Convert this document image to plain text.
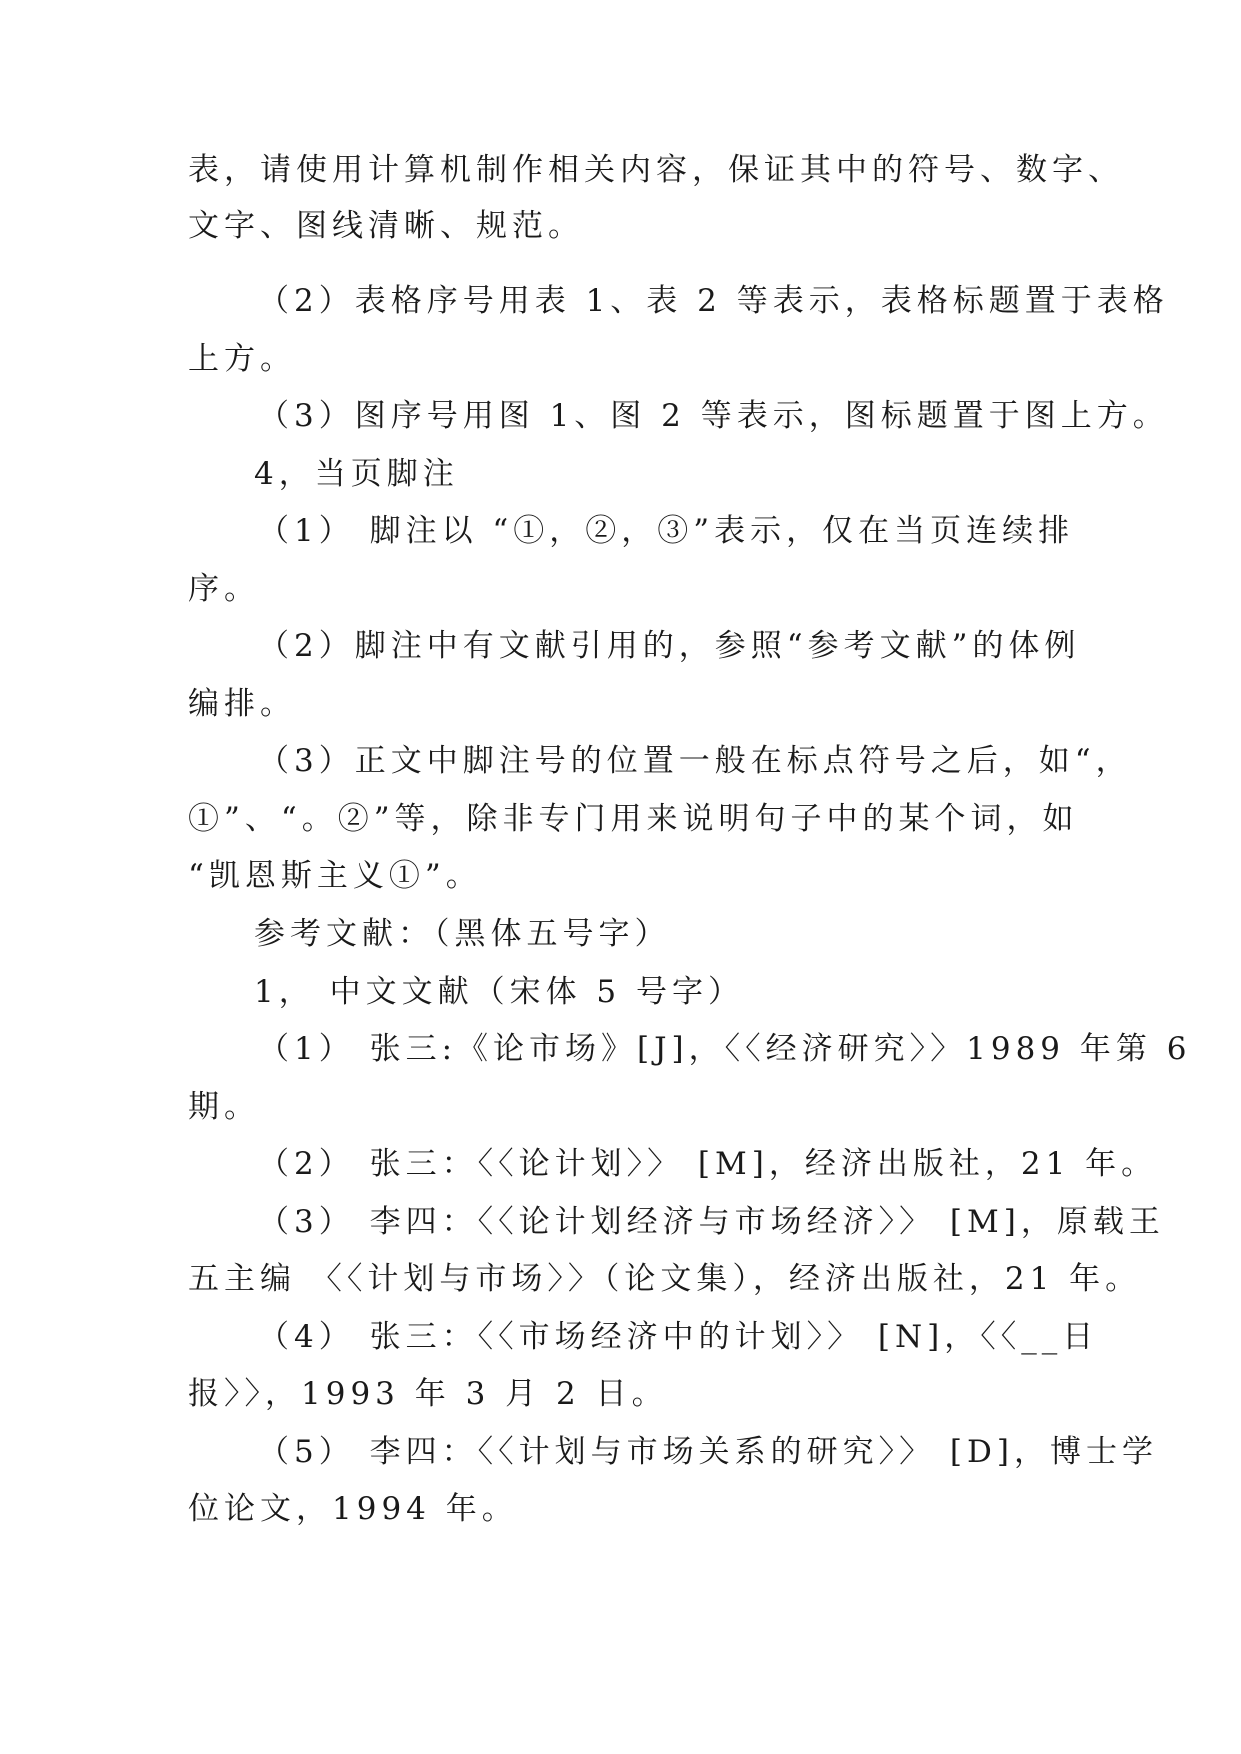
表，请使用计算机制作相关内容，保证其中的符号、数字、
文字、图线清晰、规范。
（2）表格序号用表 1、表 2 等表示，表格标题置于表格
上方。
（3）图序号用图 1、图 2 等表示，图标题置于图上方。
4，当页脚注
（1） 脚注以 “①，②，③”表示，仅在当页连续排
序。
（2）脚注中有文献引用的，参照“参考文献”的体例
编排。
（3）正文中脚注号的位置一般在标点符号之后，如“，
①”、“。②”等，除非专门用来说明句子中的某个词，如
“凯恩斯主义①”。
参考文献：（黑体五号字）
1， 中文文献（宋体 5 号字）
（1） 张三:《论市场》[J]，〈〈经济研究〉〉1989 年第 6
期。
（2） 张三：〈〈论计划〉〉 [M]，经济出版社，21 年。
（3） 李四：〈〈论计划经济与市场经济〉〉 [M]，原载王
五主编 〈〈计划与市场〉〉（论文集），经济出版社，21 年。
（4） 张三：〈〈市场经济中的计划〉〉 [N]，〈〈__日
报〉〉，1993 年 3 月 2 日。
（5） 李四：〈〈计划与市场关系的研究〉〉 [D]，博士学
位论文，1994 年。
